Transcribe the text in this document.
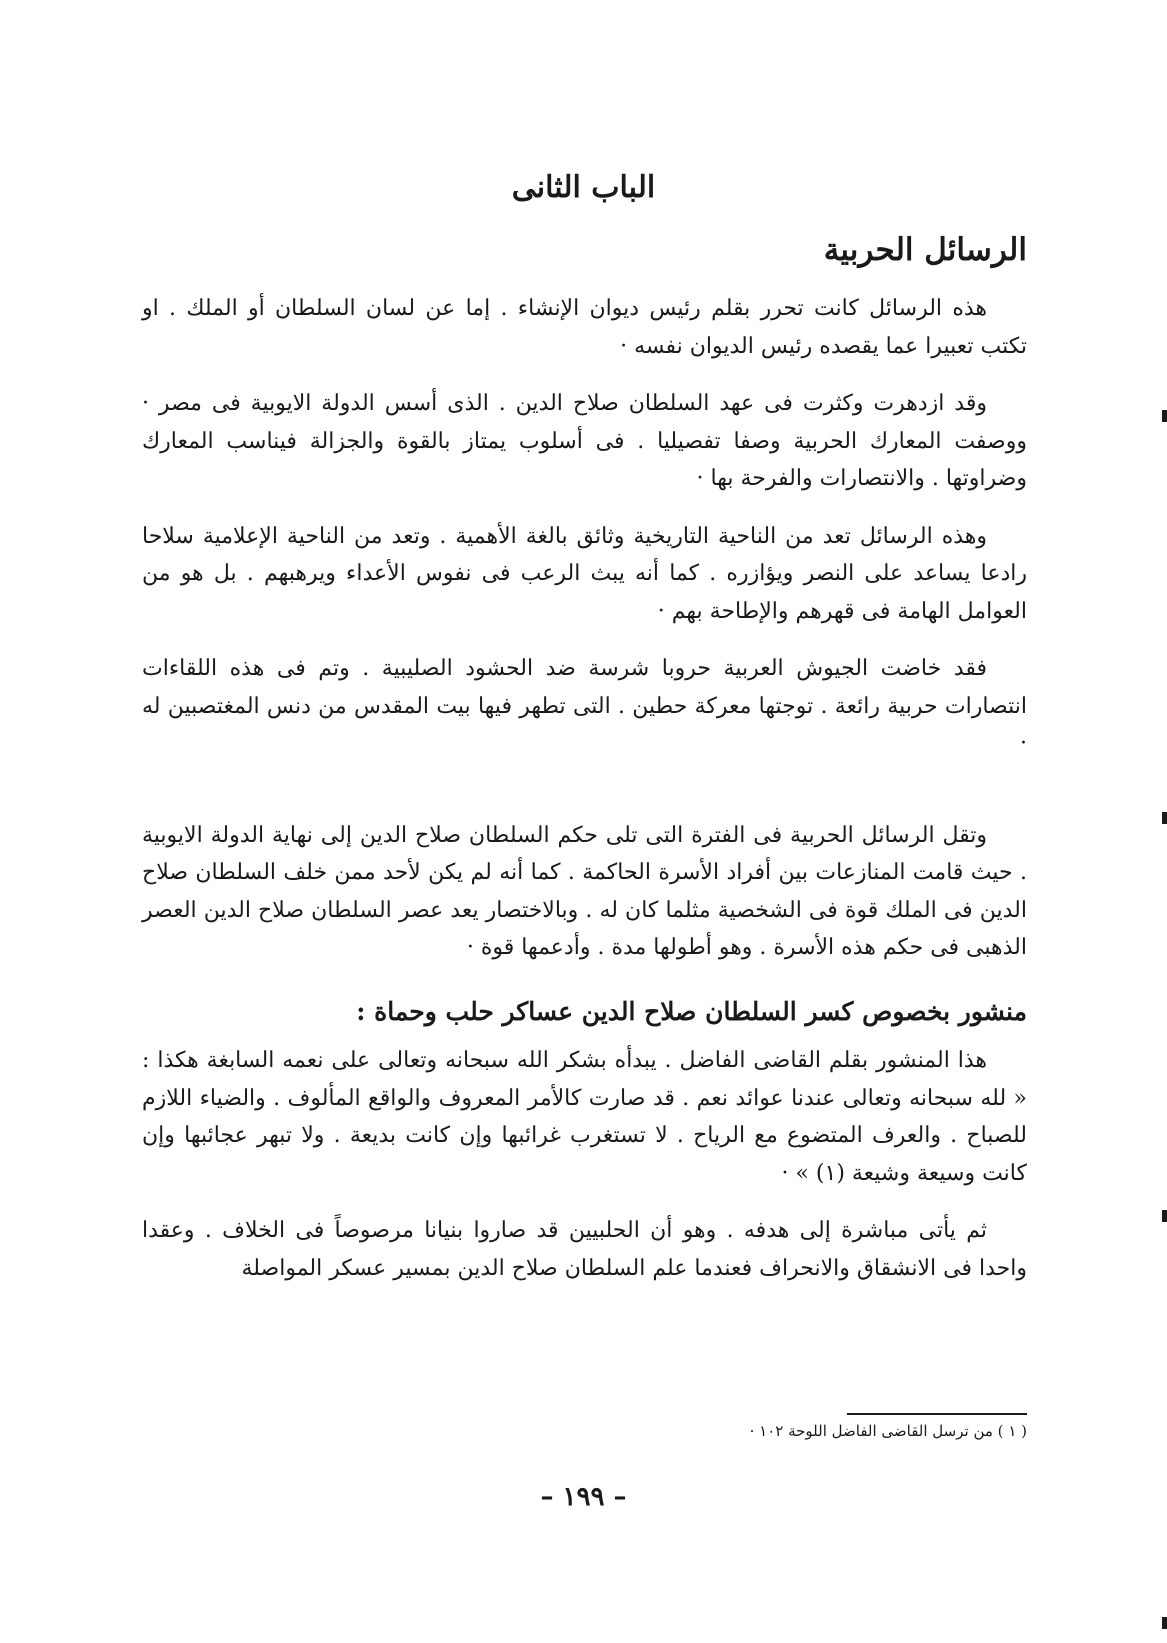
الباب الثانى
الرسائل الحربية

هذه الرسائل كانت تحرر بقلم رئيس ديوان الإنشاء . إما عن لسان السلطان أو الملك . او تكتب تعبيرا عما يقصده رئيس الديوان نفسه ·

وقد ازدهرت وكثرت فى عهد السلطان صلاح الدين . الذى أسس الدولة الايوبية فى مصر · ووصفت المعارك الحربية وصفا تفصيليا . فى أسلوب يمتاز بالقوة والجزالة فيناسب المعارك وضراوتها . والانتصارات والفرحة بها ·

وهذه الرسائل تعد من الناحية التاريخية وثائق بالغة الأهمية . وتعد من الناحية الإعلامية سلاحا رادعا يساعد على النصر ويؤازره . كما أنه يبث الرعب فى نفوس الأعداء ويرهبهم . بل هو من العوامل الهامة فى قهرهم والإطاحة بهم ·

فقد خاضت الجيوش العربية حروبا شرسة ضد الحشود الصليبية . وتم فى هذه اللقاءات انتصارات حربية رائعة . توجتها معركة حطين . التى تطهر فيها بيت المقدس من دنس المغتصبين له ·

وتقل الرسائل الحربية فى الفترة التى تلى حكم السلطان صلاح الدين إلى نهاية الدولة الايوبية . حيث قامت المنازعات بين أفراد الأسرة الحاكمة . كما أنه لم يكن لأحد ممن خلف السلطان صلاح الدين فى الملك قوة فى الشخصية مثلما كان له . وبالاختصار يعد عصر السلطان صلاح الدين العصر الذهبى فى حكم هذه الأسرة . وهو أطولها مدة . وأدعمها قوة ·

منشور بخصوص كسر السلطان صلاح الدين عساكر حلب وحماة :

هذا المنشور بقلم القاضى الفاضل . يبدأه بشكر الله سبحانه وتعالى على نعمه السابغة هكذا : « لله سبحانه وتعالى عندنا عوائد نعم . قد صارت كالأمر المعروف والواقع المألوف . والضياء اللازم للصباح . والعرف المتضوع مع الرياح . لا تستغرب غرائبها وإن كانت بديعة . ولا تبهر عجائبها وإن كانت وسيعة وشيعة (١) » ·

ثم يأتى مباشرة إلى هدفه . وهو أن الحلبيين قد صاروا بنيانا مرصوصاً فى الخلاف . وعقدا واحدا فى الانشقاق والانحراف فعندما علم السلطان صلاح الدين بمسير عسكر المواصلة

( ١ ) من ترسل القاضى الفاضل اللوحة ١٠٢ ·

– ١٩٩ –
